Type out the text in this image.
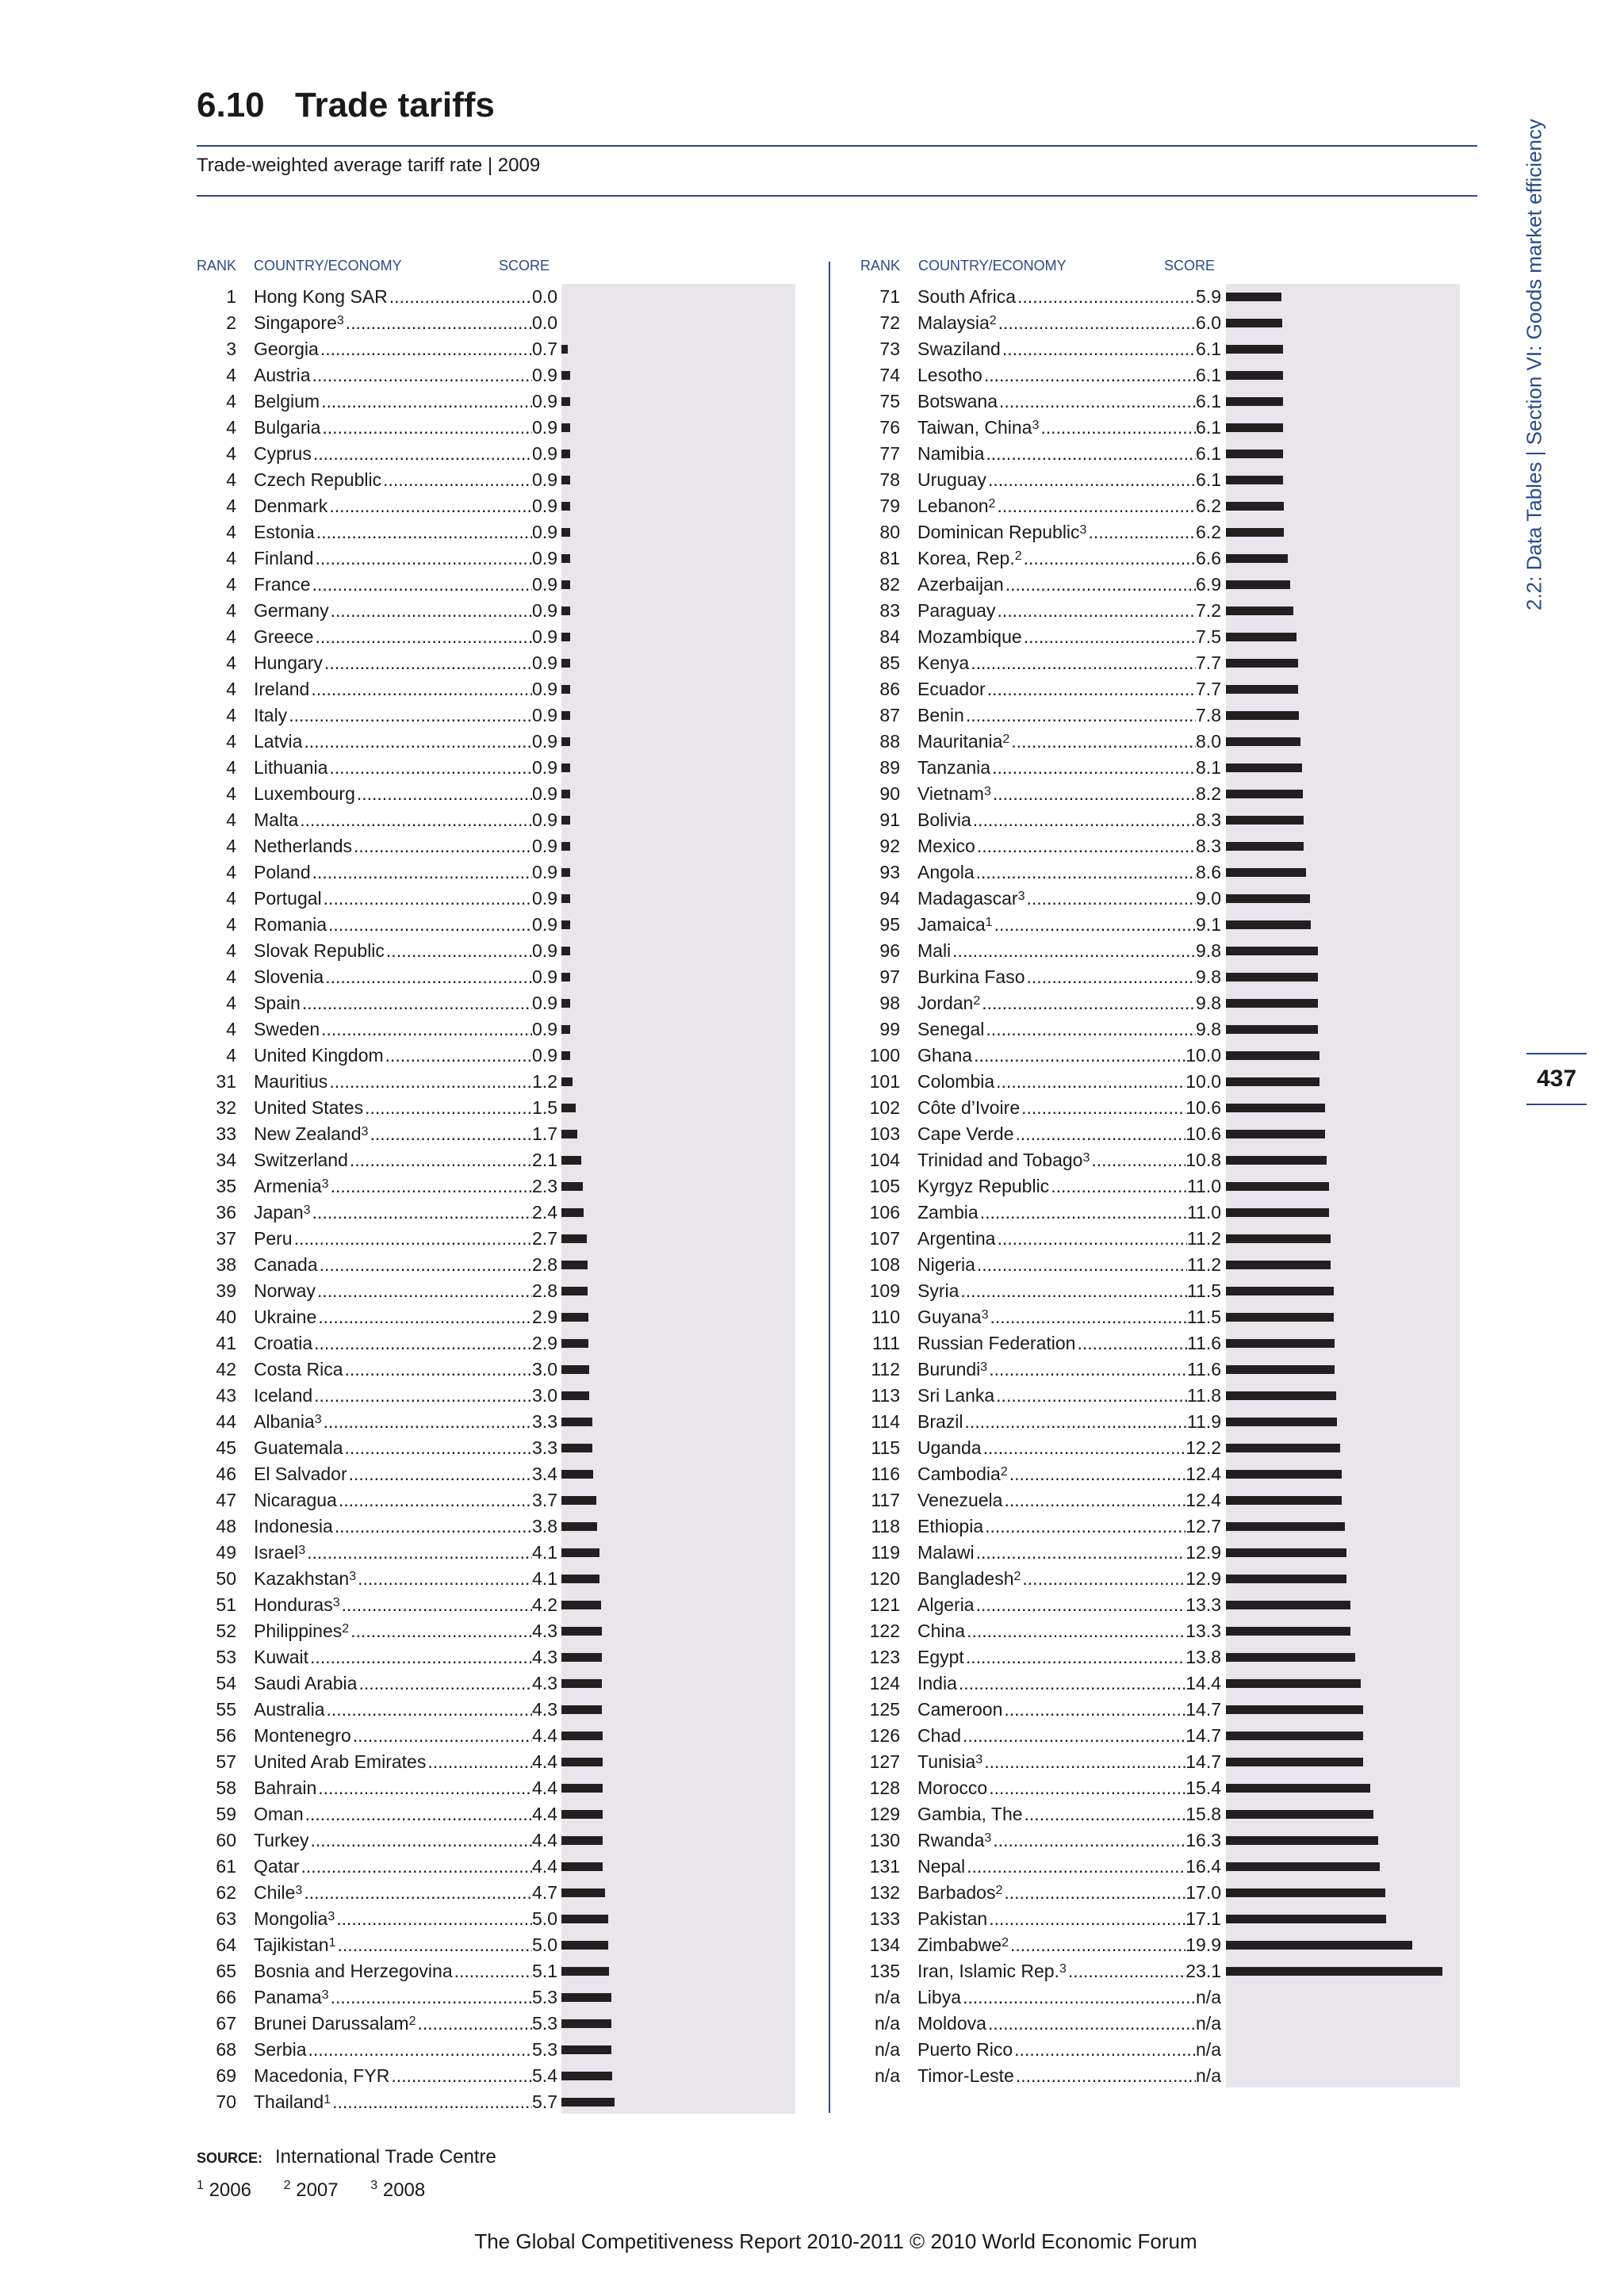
6.10 Trade tariffs
Trade-weighted average tariff rate | 2009	2.2: Data Tables | Section VI: Goods market efficiency
437
RANK COUNTRY/ECONOMY	SCORE	RANK COUNTRY/ECONOMY	SCORE
1 Hong Kong SAR .....	0.0
2 Singapore$^3$ .....	0.0
3 Georgia .....	0.7
4 Austria .....	0.9
4 Belgium .....	0.9
4 Bulgaria .....	0.9
4 Cyprus .....	0.9
4 Czech Republic .....	0.9
4 Denmark .....	0.9
4 Estonia .....	0.9
4 Finland .....	0.9
4 France .....	0.9
4 Germany .....	0.9
4 Greece .....	0.9
4 Hungary .....	0.9
4 Ireland .....	0.9
4 Italy .....	0.9
4 Latvia .....	0.9
4 Lithuania .....	0.9
4 Luxembourg .....	0.9
4 Malta .....	0.9
4 Netherlands .....	0.9
4 Poland .....	0.9
4 Portugal .....	0.9
4 Romania .....	0.9
4 Slovak Republic .....	0.9
4 Slovenia .....	0.9
4 Spain .....	0.9
4 Sweden .....	0.9
4 United Kingdom .....	0.9
31 Mauritius .....	1.2
32 United States .....	1.5
33 New Zealand$^3$ .....	1.7
34 Switzerland .....	2.1
35 Armenia$^3$ .....	2.3
36 Japan$^3$ .....	2.4
37 Peru .....	2.7
38 Canada .....	2.8
39 Norway .....	2.8
40 Ukraine .....	2.9
41 Croatia .....	2.9
42 Costa Rica .....	3.0
43 Iceland .....	3.0
44 Albania$^3$ .....	3.3
45 Guatemala .....	3.3
46 El Salvador .....	3.4
47 Nicaragua .....	3.7
48 Indonesia .....	3.8
49 Israel$^3$ .....	4.1
50 Kazakhstan$^3$ .....	4.1
51 Honduras$^3$ .....	4.2
52 Philippines$^2$ .....	4.3
53 Kuwait .....	4.3
54 Saudi Arabia .....	4.3
55 Australia .....	4.3
56 Montenegro .....	4.4
57 United Arab Emirates .....	4.4
58 Bahrain .....	4.4
59 Oman .....	4.4
60 Turkey .....	4.4
61 Qatar .....	4.4
62 Chile$^3$ .....	4.7
63 Mongolia$^3$ .....	5.0
64 Tajikistan$^1$ .....	5.0
65 Bosnia and Herzegovina .....	5.1
66 Panama$^3$ .....	5.3
67 Brunei Darussalam$^2$ .....	5.3
68 Serbia .....	5.3
69 Macedonia, FYR .....	5.4
70 Thailand$^1$ .....	5.7
71 South Africa .....	5.9
72 Malaysia$^2$ .....	6.0
73 Swaziland .....	6.1
74 Lesotho .....	6.1
75 Botswana .....	6.1
76 Taiwan, China$^3$ .....	6.1
77 Namibia .....	6.1
78 Uruguay .....	6.1
79 Lebanon$^2$ .....	6.2
80 Dominican Republic$^3$ .....	6.2
81 Korea, Rep.$^2$ .....	6.6
82 Azerbaijan .....	6.9
83 Paraguay .....	7.2
84 Mozambique .....	7.5
85 Kenya .....	7.7
86 Ecuador .....	7.7
87 Benin .....	7.8
88 Mauritania$^2$ .....	8.0
89 Tanzania .....	8.1
90 Vietnam$^3$ .....	8.2
91 Bolivia .....	8.3
92 Mexico .....	8.3
93 Angola .....	8.6
94 Madagascar$^3$ .....	9.0
95 Jamaica$^1$ .....	9.1
96 Mali .....	9.8
97 Burkina Faso .....	9.8
98 Jordan$^2$ .....	9.8
99 Senegal .....	9.8
100 Ghana .....	10.0
101 Colombia .....	10.0
102 Côte d’Ivoire .....	10.6
103 Cape Verde .....	10.6
104 Trinidad and Tobago$^3$ .....	10.8
105 Kyrgyz Republic .....	11.0
106 Zambia .....	11.0
107 Argentina .....	11.2
108 Nigeria .....	11.2
109 Syria .....	11.5
110 Guyana$^3$ .....	11.5
111 Russian Federation .....	11.6
112 Burundi$^3$ .....	11.6
113 Sri Lanka .....	11.8
114 Brazil .....	11.9
115 Uganda .....	12.2
116 Cambodia$^2$ .....	12.4
117 Venezuela .....	12.4
118 Ethiopia .....	12.7
119 Malawi .....	12.9
120 Bangladesh$^2$ .....	12.9
121 Algeria .....	13.3
122 China .....	13.3
123 Egypt .....	13.8
124 India .....	14.4
125 Cameroon .....	14.7
126 Chad .....	14.7
127 Tunisia$^3$ .....	14.7
128 Morocco .....	15.4
129 Gambia, The .....	15.8
130 Rwanda$^3$ .....	16.3
131 Nepal .....	16.4
132 Barbados$^2$ .....	17.0
133 Pakistan .....	17.1
134 Zimbabwe$^2$ .....	19.9
135 Iran, Islamic Rep.$^3$ .....	23.1
n/a Libya .....	n/a
n/a Moldova .....	n/a
n/a Puerto Rico .....	n/a
n/a Timor-Leste .....	n/a
SOURCE: International Trade Centre
$^1$ 2006	$^2$ 2007	$^3$ 2008
The Global Competitiveness Report 2010-2011 © 2010 World Economic Forum
